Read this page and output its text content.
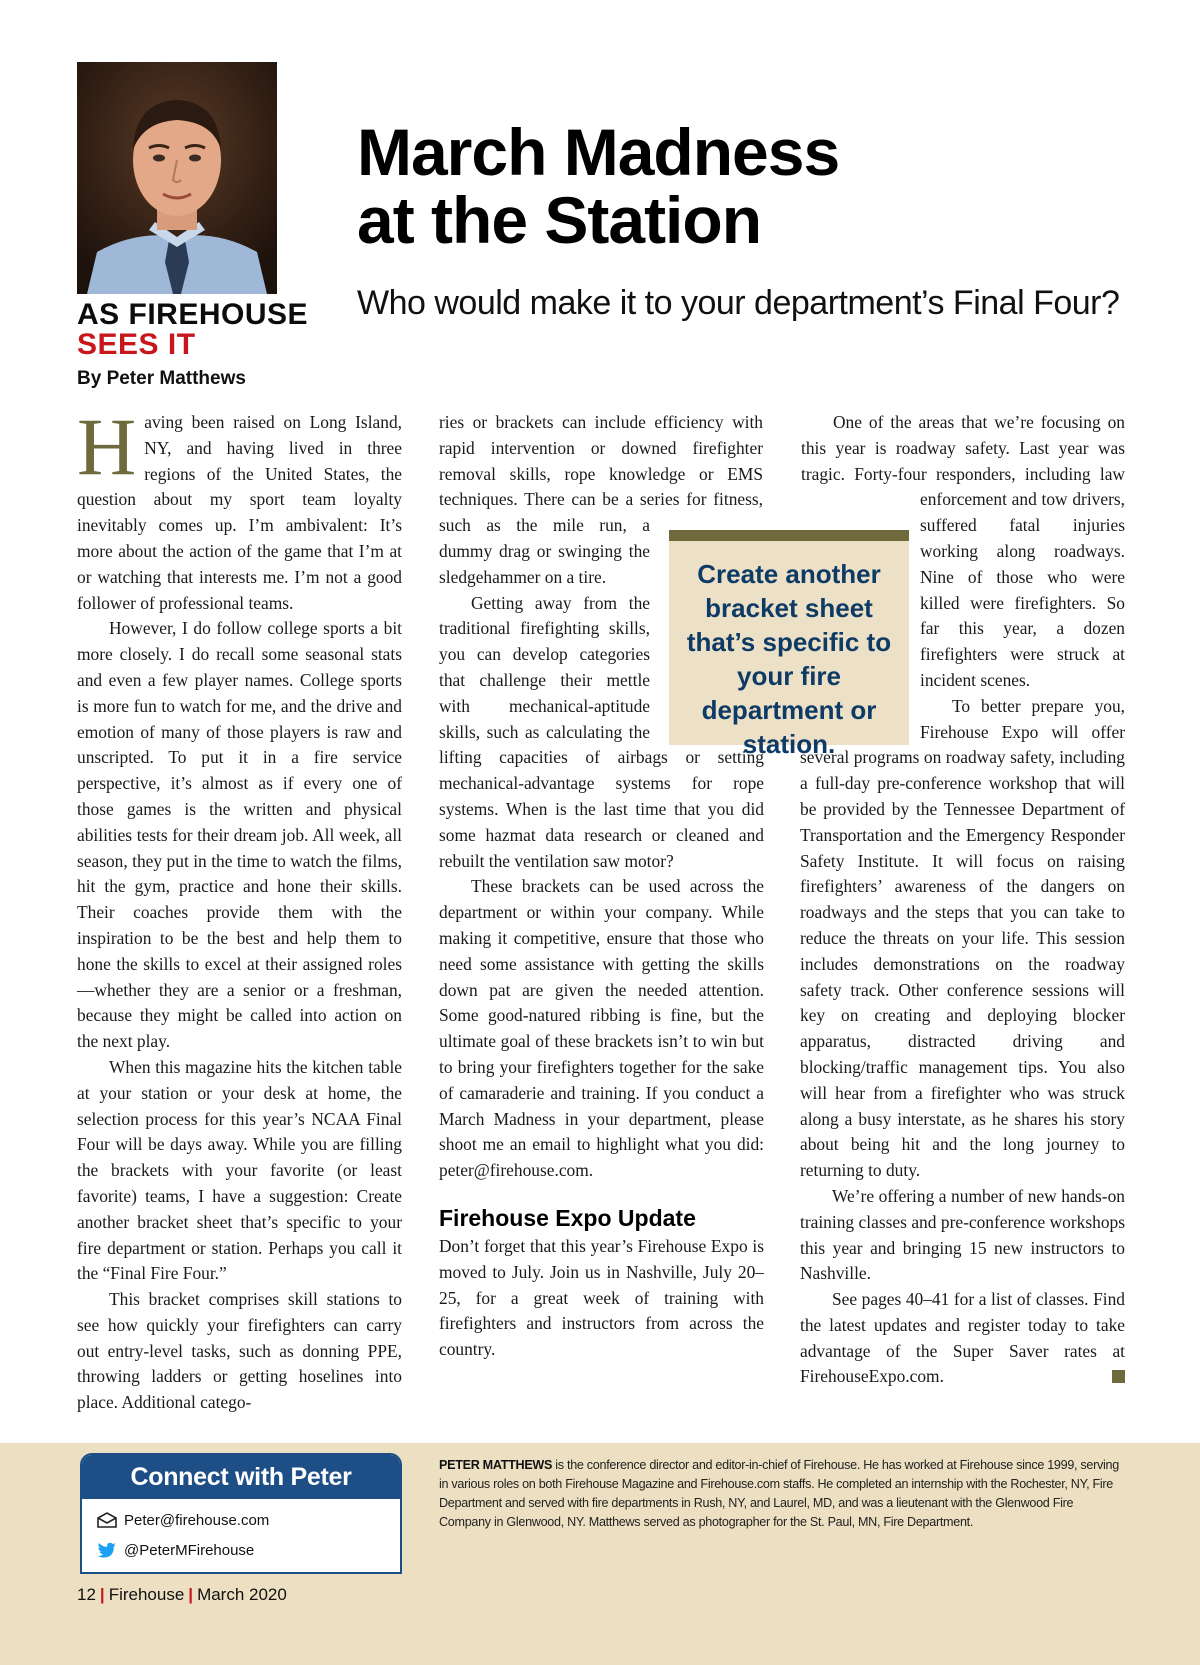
March Madness
at the Station
Who would make it to your department’s Final Four?
AS FIREHOUSE
SEES IT
By Peter Matthews

Having been raised on Long Island, NY, and having lived in three regions of the United States, the question about my sport team loyalty inevitably comes up. I’m ambivalent: It’s more about the action of the game that I’m at or watching that interests me. I’m not a good follower of professional teams.

However, I do follow college sports a bit more closely. I do recall some seasonal stats and even a few player names. College sports is more fun to watch for me, and the drive and emotion of many of those players is raw and unscripted. To put it in a fire service perspective, it’s almost as if every one of those games is the written and physical abilities tests for their dream job. All week, all season, they put in the time to watch the films, hit the gym, practice and hone their skills. Their coaches provide them with the inspiration to be the best and help them to hone the skills to excel at their assigned roles—whether they are a senior or a freshman, because they might be called into action on the next play.

When this magazine hits the kitchen table at your station or your desk at home, the selection process for this year’s NCAA Final Four will be days away. While you are filling the brackets with your favorite (or least favorite) teams, I have a suggestion: Create another bracket sheet that’s specific to your fire department or station. Perhaps you call it the “Final Fire Four.”

This bracket comprises skill stations to see how quickly your firefighters can carry out entry-level tasks, such as donning PPE, throwing ladders or getting hoselines into place. Additional catego-

ries or brackets can include efficiency with rapid intervention or downed firefighter removal skills, rope knowledge or EMS techniques. There can be a series for fitness, such as the mile run, a dummy drag or swinging the sledgehammer on a tire.

Getting away from the traditional firefighting skills, you can develop categories that challenge their mettle with mechanical-aptitude skills, such as calculating the lifting capacities of airbags or setting mechanical-advantage systems for rope systems. When is the last time that you did some hazmat data research or cleaned and rebuilt the ventilation saw motor?

These brackets can be used across the department or within your company. While making it competitive, ensure that those who need some assistance with getting the skills down pat are given the needed attention. Some good-natured ribbing is fine, but the ultimate goal of these brackets isn’t to win but to bring your firefighters together for the sake of camaraderie and training. If you conduct a March Madness in your department, please shoot me an email to highlight what you did: peter@firehouse.com.

Firehouse Expo Update

Don’t forget that this year’s Firehouse Expo is moved to July. Join us in Nashville, July 20–25, for a great week of training with firefighters and instructors from across the country.

Create another bracket sheet that’s specific to your fire department or station.

One of the areas that we’re focusing on this year is roadway safety. Last year was tragic. Forty-four responders, including law enforcement and tow drivers, suffered fatal injuries working along roadways. Nine of those who were killed were firefighters. So far this year, a dozen firefighters were struck at incident scenes.

To better prepare you, Firehouse Expo will offer several programs on roadway safety, including a full-day pre-conference workshop that will be provided by the Tennessee Department of Transportation and the Emergency Responder Safety Institute. It will focus on raising firefighters’ awareness of the dangers on roadways and the steps that you can take to reduce the threats on your life. This session includes demonstrations on the roadway safety track. Other conference sessions will key on creating and deploying blocker apparatus, distracted driving and blocking/traffic management tips. You also will hear from a firefighter who was struck along a busy interstate, as he shares his story about being hit and the long journey to returning to duty.

We’re offering a number of new hands-on training classes and pre-conference workshops this year and bringing 15 new instructors to Nashville.

See pages 40–41 for a list of classes. Find the latest updates and register today to take advantage of the Super Saver rates at FirehouseExpo.com.

Connect with Peter
Peter@firehouse.com
@PeterMFirehouse
PETER MATTHEWS is the conference director and editor-in-chief of Firehouse. He has worked at Firehouse since 1999, serving in various roles on both Firehouse Magazine and Firehouse.com staffs. He completed an internship with the Rochester, NY, Fire Department and served with fire departments in Rush, NY, and Laurel, MD, and was a lieutenant with the Glenwood Fire Company in Glenwood, NY. Matthews served as photographer for the St. Paul, MN, Fire Department.
12 | Firehouse | March 2020
